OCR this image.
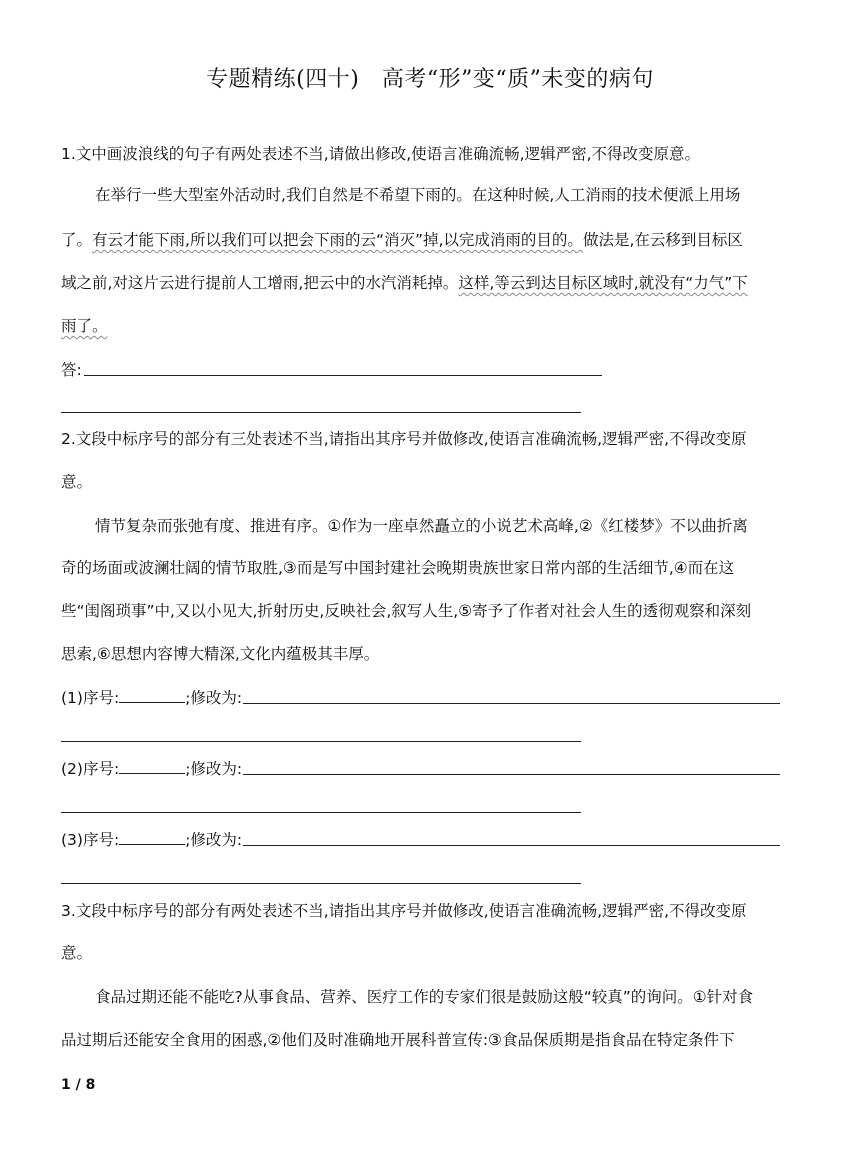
专题精练(四十)　高考“形”变“质”未变的病句
1.文中画波浪线的句子有两处表述不当,请做出修改,使语言准确流畅,逻辑严密,不得改变原意。
在举行一些大型室外活动时,我们自然是不希望下雨的。在这种时候,人工消雨的技术便派上用场
了。有云才能下雨,所以我们可以把会下雨的云“消灭”掉,以完成消雨的目的。做法是,在云移到目标区
域之前,对这片云进行提前人工增雨,把云中的水汽消耗掉。这样,等云到达目标区域时,就没有“力气”下
雨了。
答:
2.文段中标序号的部分有三处表述不当,请指出其序号并做修改,使语言准确流畅,逻辑严密,不得改变原
意。
情节复杂而张弛有度、推进有序。①作为一座卓然矗立的小说艺术高峰,②《红楼梦》不以曲折离
奇的场面或波澜壮阔的情节取胜,③而是写中国封建社会晚期贵族世家日常内部的生活细节,④而在这
些“闺阁琐事”中,又以小见大,折射历史,反映社会,叙写人生,⑤寄予了作者对社会人生的透彻观察和深刻
思索,⑥思想内容博大精深,文化内蕴极其丰厚。
(1)序号:	;修改为:
(2)序号:	;修改为:
(3)序号:	;修改为:
3.文段中标序号的部分有两处表述不当,请指出其序号并做修改,使语言准确流畅,逻辑严密,不得改变原
意。
食品过期还能不能吃?从事食品、营养、医疗工作的专家们很是鼓励这般“较真”的询问。①针对食
品过期后还能安全食用的困惑,②他们及时准确地开展科普宣传:③食品保质期是指食品在特定条件下
1 / 8
